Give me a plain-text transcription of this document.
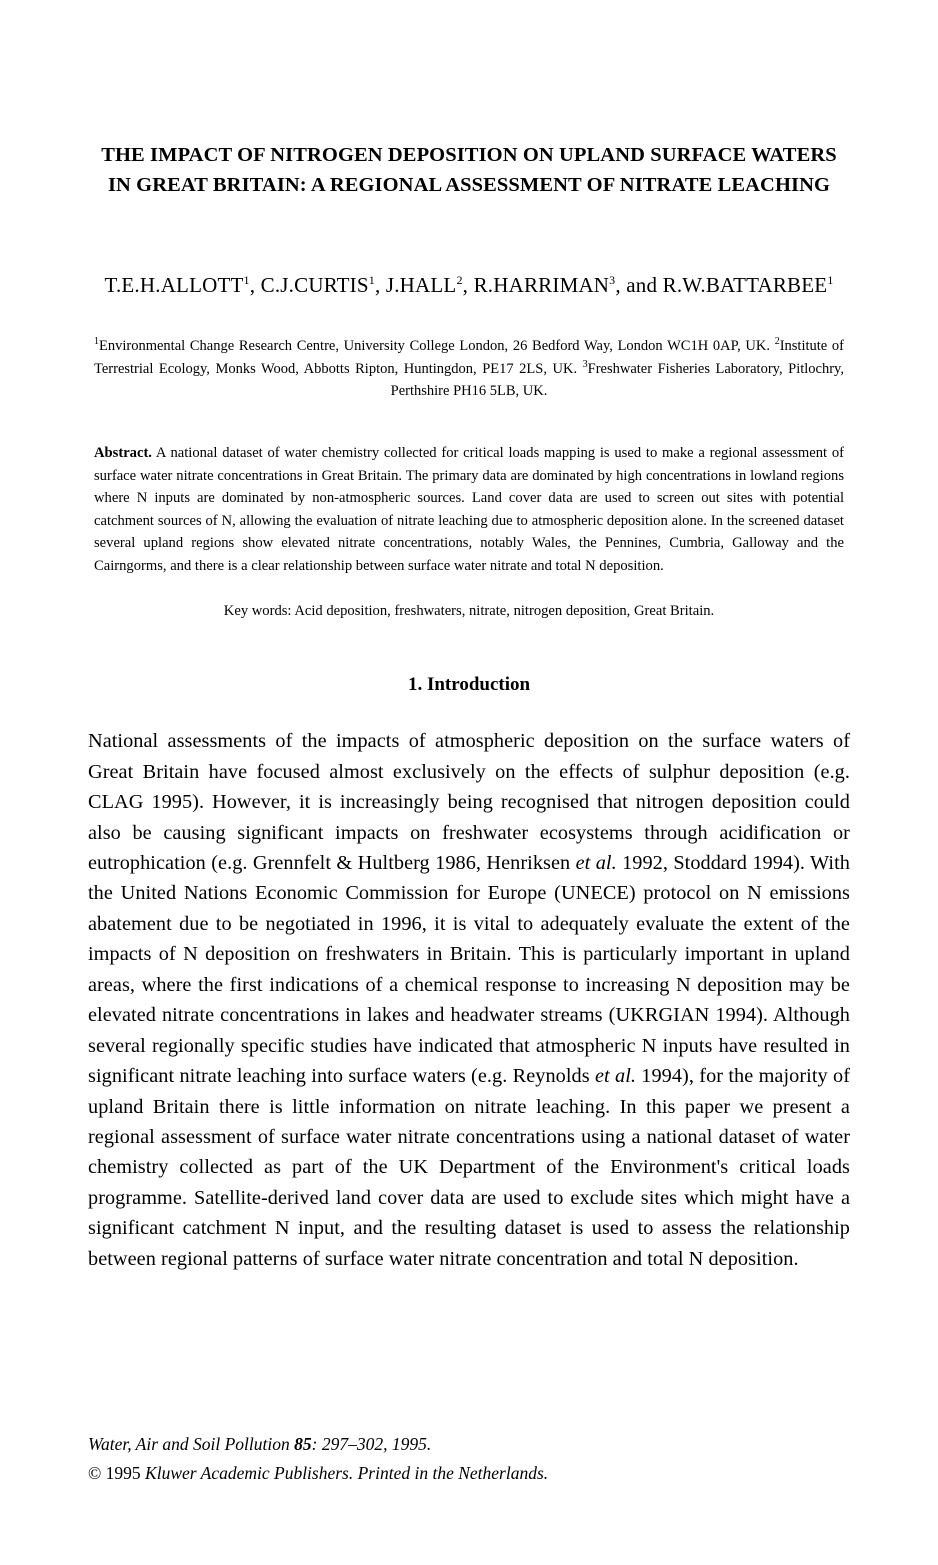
THE IMPACT OF NITROGEN DEPOSITION ON UPLAND SURFACE WATERS IN GREAT BRITAIN: A REGIONAL ASSESSMENT OF NITRATE LEACHING
T.E.H.ALLOTT$^1$, C.J.CURTIS$^1$, J.HALL$^2$, R.HARRIMAN$^3$, and R.W.BATTARBEE$^1$
$^1$Environmental Change Research Centre, University College London, 26 Bedford Way, London WC1H 0AP, UK. $^2$Institute of Terrestrial Ecology, Monks Wood, Abbotts Ripton, Huntingdon, PE17 2LS, UK. $^3$Freshwater Fisheries Laboratory, Pitlochry, Perthshire PH16 5LB, UK.
Abstract. A national dataset of water chemistry collected for critical loads mapping is used to make a regional assessment of surface water nitrate concentrations in Great Britain. The primary data are dominated by high concentrations in lowland regions where N inputs are dominated by non-atmospheric sources. Land cover data are used to screen out sites with potential catchment sources of N, allowing the evaluation of nitrate leaching due to atmospheric deposition alone. In the screened dataset several upland regions show elevated nitrate concentrations, notably Wales, the Pennines, Cumbria, Galloway and the Cairngorms, and there is a clear relationship between surface water nitrate and total N deposition.
Key words: Acid deposition, freshwaters, nitrate, nitrogen deposition, Great Britain.
1. Introduction
National assessments of the impacts of atmospheric deposition on the surface waters of Great Britain have focused almost exclusively on the effects of sulphur deposition (e.g. CLAG 1995). However, it is increasingly being recognised that nitrogen deposition could also be causing significant impacts on freshwater ecosystems through acidification or eutrophication (e.g. Grennfelt & Hultberg 1986, Henriksen et al. 1992, Stoddard 1994). With the United Nations Economic Commission for Europe (UNECE) protocol on N emissions abatement due to be negotiated in 1996, it is vital to adequately evaluate the extent of the impacts of N deposition on freshwaters in Britain. This is particularly important in upland areas, where the first indications of a chemical response to increasing N deposition may be elevated nitrate concentrations in lakes and headwater streams (UKRGIAN 1994). Although several regionally specific studies have indicated that atmospheric N inputs have resulted in significant nitrate leaching into surface waters (e.g. Reynolds et al. 1994), for the majority of upland Britain there is little information on nitrate leaching. In this paper we present a regional assessment of surface water nitrate concentrations using a national dataset of water chemistry collected as part of the UK Department of the Environment's critical loads programme. Satellite-derived land cover data are used to exclude sites which might have a significant catchment N input, and the resulting dataset is used to assess the relationship between regional patterns of surface water nitrate concentration and total N deposition.
Water, Air and Soil Pollution 85: 297–302, 1995.
© 1995 Kluwer Academic Publishers. Printed in the Netherlands.
